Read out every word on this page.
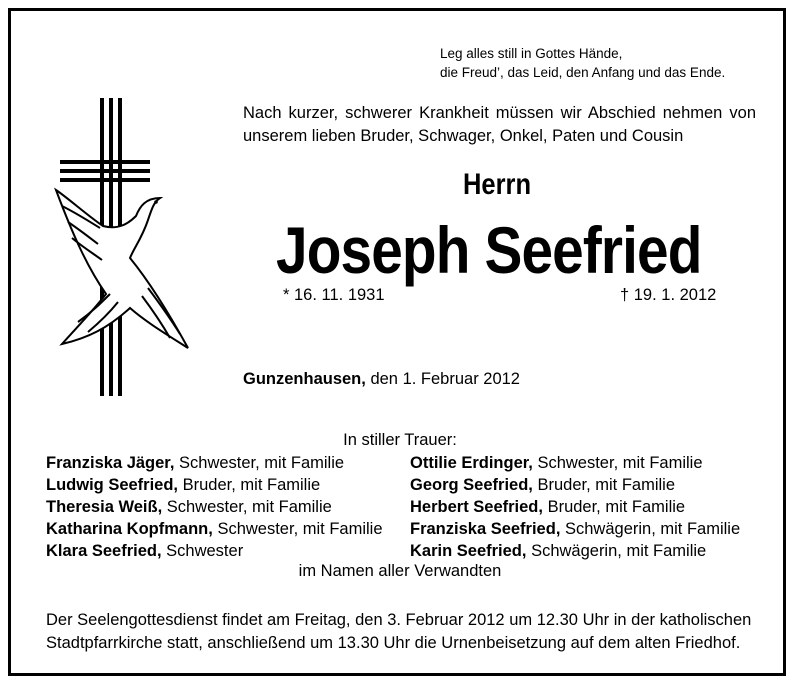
Leg alles still in Gottes Hände,
die Freud’, das Leid, den Anfang und das Ende.
Nach kurzer, schwerer Krankheit müssen wir Abschied nehmen von
unserem lieben Bruder, Schwager, Onkel, Paten und Cousin
Herrn
Joseph Seefried
* 16. 11. 1931	† 19. 1. 2012
Gunzenhausen, den 1. Februar 2012
In stiller Trauer:
Franziska Jäger, Schwester, mit Familie
Ludwig Seefried, Bruder, mit Familie
Theresia Weiß, Schwester, mit Familie
Katharina Kopfmann, Schwester, mit Familie
Klara Seefried, Schwester
Ottilie Erdinger, Schwester, mit Familie
Georg Seefried, Bruder, mit Familie
Herbert Seefried, Bruder, mit Familie
Franziska Seefried, Schwägerin, mit Familie
Karin Seefried, Schwägerin, mit Familie
im Namen aller Verwandten
Der Seelengottesdienst findet am Freitag, den 3. Februar 2012 um 12.30 Uhr in der katholischen
Stadtpfarrkirche statt, anschließend um 13.30 Uhr die Urnenbeisetzung auf dem alten Friedhof.
